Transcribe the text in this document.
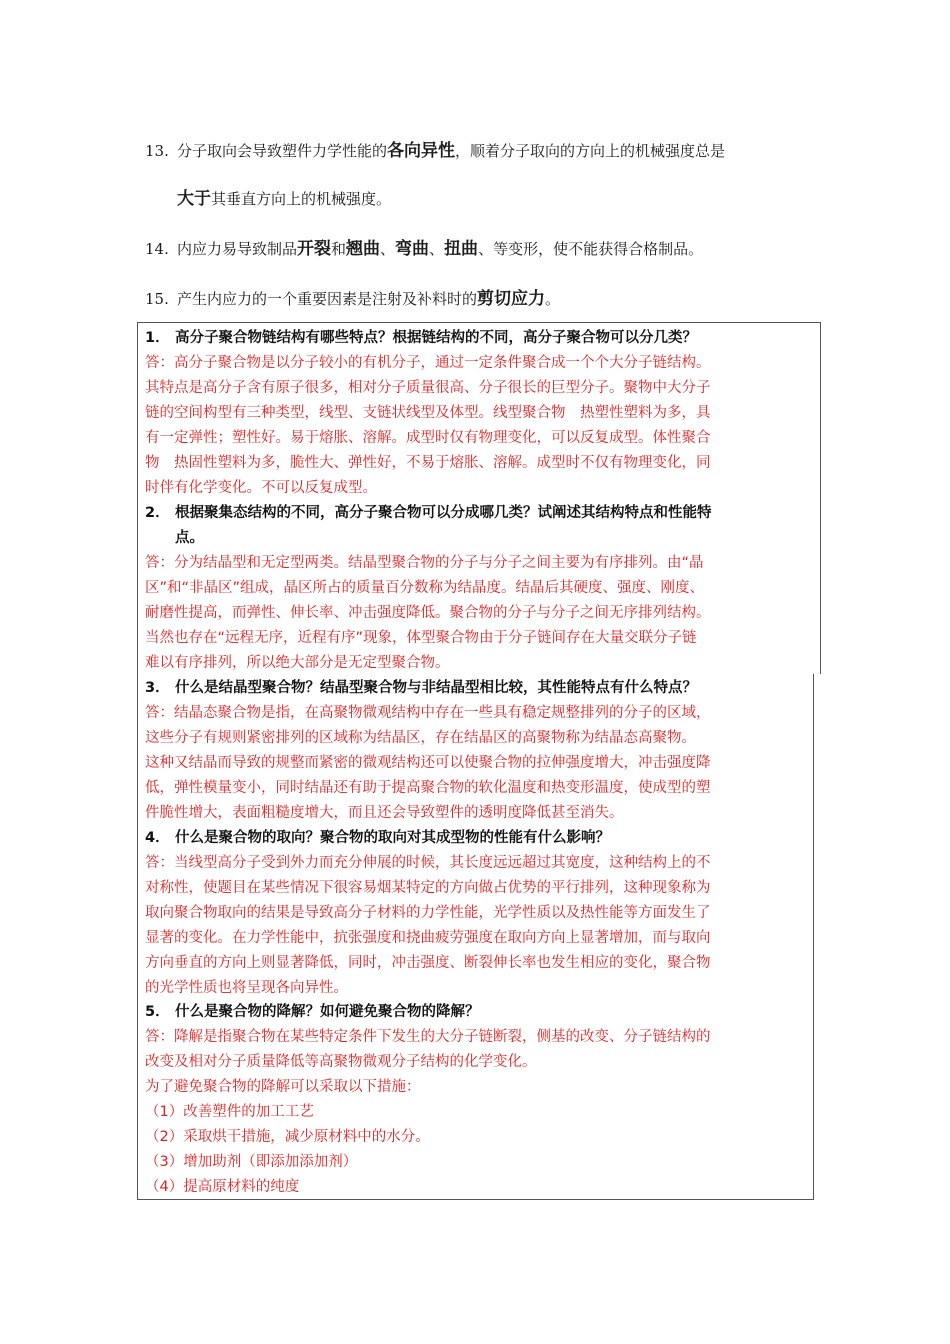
13. 分子取向会导致塑件力学性能的各向异性，顺着分子取向的方向上的机械强度总是
大于其垂直方向上的机械强度。
14. 内应力易导致制品开裂和翘曲、弯曲、扭曲、等变形，使不能获得合格制品。
15. 产生内应力的一个重要因素是注射及补料时的剪切应力。
1． 高分子聚合物链结构有哪些特点？根据链结构的不同，高分子聚合物可以分几类？
答：高分子聚合物是以分子较小的有机分子，通过一定条件聚合成一个个大分子链结构。
其特点是高分子含有原子很多，相对分子质量很高、分子很长的巨型分子。聚物中大分子
链的空间构型有三种类型，线型、支链状线型及体型。线型聚合物　热塑性塑料为多，具
有一定弹性；塑性好。易于熔胀、溶解。成型时仅有物理变化，可以反复成型。体性聚合
物　热固性塑料为多，脆性大、弹性好，不易于熔胀、溶解。成型时不仅有物理变化，同
时伴有化学变化。不可以反复成型。
2． 根据聚集态结构的不同，高分子聚合物可以分成哪几类？试阐述其结构特点和性能特
点。
答：分为结晶型和无定型两类。结晶型聚合物的分子与分子之间主要为有序排列。由“晶
区”和“非晶区”组成，晶区所占的质量百分数称为结晶度。结晶后其硬度、强度、刚度、
耐磨性提高，而弹性、伸长率、冲击强度降低。聚合物的分子与分子之间无序排列结构。
当然也存在“远程无序，近程有序”现象，体型聚合物由于分子链间存在大量交联分子链
难以有序排列，所以绝大部分是无定型聚合物。
3． 什么是结晶型聚合物？结晶型聚合物与非结晶型相比较，其性能特点有什么特点？
答：结晶态聚合物是指，在高聚物微观结构中存在一些具有稳定规整排列的分子的区域，
这些分子有规则紧密排列的区域称为结晶区，存在结晶区的高聚物称为结晶态高聚物。
这种又结晶而导致的规整而紧密的微观结构还可以使聚合物的拉伸强度增大，冲击强度降
低，弹性模量变小，同时结晶还有助于提高聚合物的软化温度和热变形温度，使成型的塑
件脆性增大，表面粗糙度增大，而且还会导致塑件的透明度降低甚至消失。
4． 什么是聚合物的取向？聚合物的取向对其成型物的性能有什么影响？
答：当线型高分子受到外力而充分伸展的时候，其长度远远超过其宽度，这种结构上的不
对称性，使题目在某些情况下很容易烟某特定的方向做占优势的平行排列，这种现象称为
取向聚合物取向的结果是导致高分子材料的力学性能，光学性质以及热性能等方面发生了
显著的变化。在力学性能中，抗张强度和挠曲疲劳强度在取向方向上显著增加，而与取向
方向垂直的方向上则显著降低，同时，冲击强度、断裂伸长率也发生相应的变化，聚合物
的光学性质也将呈现各向异性。
5． 什么是聚合物的降解？如何避免聚合物的降解？
答：降解是指聚合物在某些特定条件下发生的大分子链断裂，侧基的改变、分子链结构的
改变及相对分子质量降低等高聚物微观分子结构的化学变化。
为了避免聚合物的降解可以采取以下措施：
（1）改善塑件的加工工艺
（2）采取烘干措施，减少原材料中的水分。
（3）增加助剂（即添加添加剂）
（4）提高原材料的纯度
